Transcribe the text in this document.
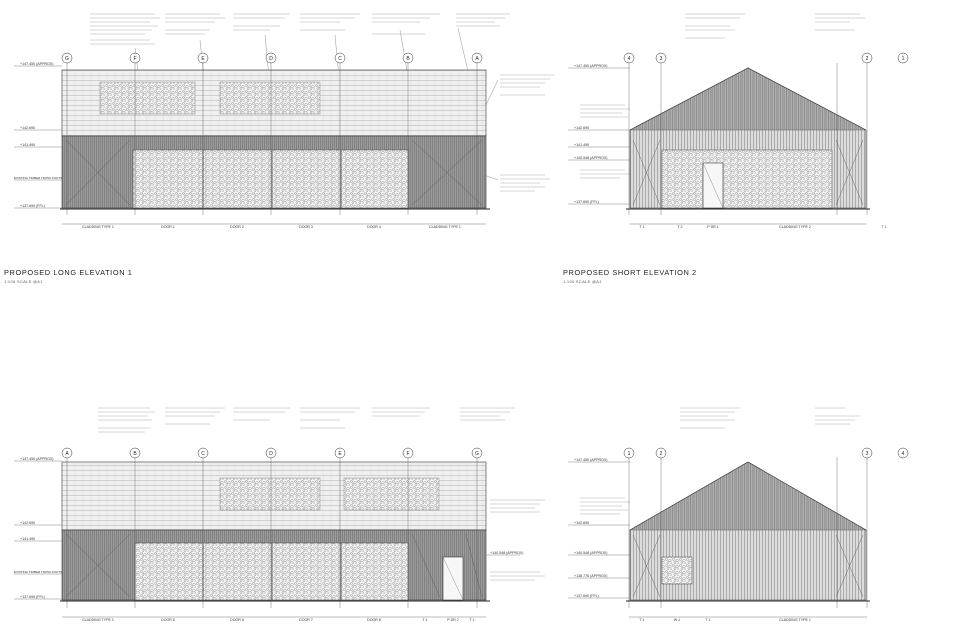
G	F	E	D	C	B	A
+147.450 (APPROX)
+142.690
+141.490
+137.690 (FFL)
EXISTING TIMBER TRUSS FOOTS
CLADDING TYPE 1	DOOR 1	DOOR 2	DOOR 3	DOOR 4	CLADDING TYPE 1
4	3	2	1
+147.450 (APPROX)
+142.690
+141.490
+140.548 (APPROX)
+137.690 (FFL)
T 1	T 2	P DR 1	CLADDING TYPE 2	T 1
A	B	C	D	E	F	G
+147.450 (APPROX)
+142.690
+141.490
+140.548 (APPROX)
+137.690 (FFL)
EXISTING TIMBER TRUSS FOOTS
CLADDING TYPE 1	DOOR 5	DOOR 6	DOOR 7	DOOR 8	T 1	P DR 2	T 1
1	2	3	4
+147.450 (APPROX)
+142.690
+140.548 (APPROX)
+138.776 (APPROX)
+137.690 (FFL)
T 1	W 1	T 1	CLADDING TYPE 1
PROPOSED LONG ELEVATION 1
1:100 SCALE @A1
PROPOSED SHORT ELEVATION 2
1:100 SCALE @A1
